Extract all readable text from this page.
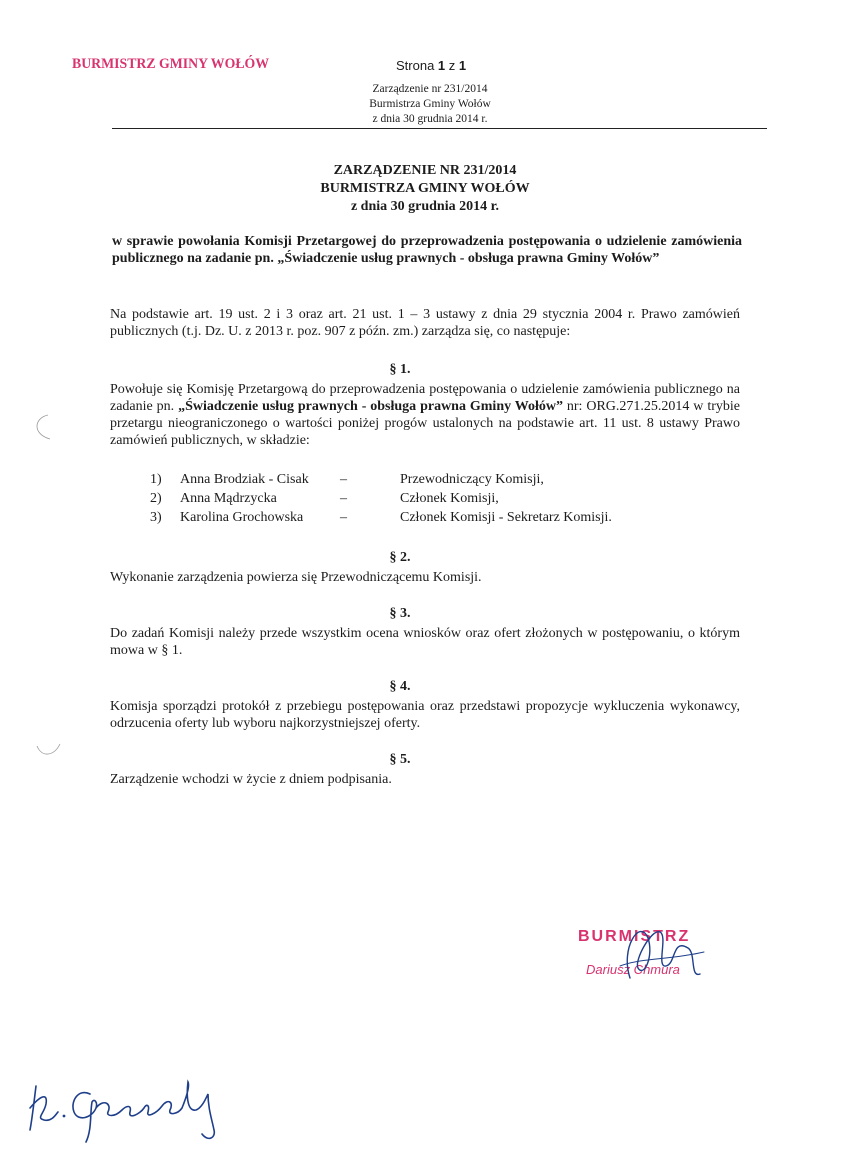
BURMISTRZ GMINY WOŁÓW	Strona 1 z 1
Zarządzenie nr 231/2014
Burmistrza Gminy Wołów
z dnia 30 grudnia 2014 r.
ZARZĄDZENIE NR 231/2014
BURMISTRZA GMINY WOŁÓW
z dnia 30 grudnia 2014 r.
w sprawie powołania Komisji Przetargowej do przeprowadzenia postępowania o udzielenie zamówienia publicznego na zadanie pn. „Świadczenie usług prawnych - obsługa prawna Gminy Wołów”
Na podstawie art. 19 ust. 2 i 3 oraz art. 21 ust. 1 – 3 ustawy z dnia 29 stycznia 2004 r. Prawo zamówień publicznych (t.j. Dz. U. z 2013 r. poz. 907 z późn. zm.) zarządza się, co następuje:
§ 1.
Powołuje się Komisję Przetargową do przeprowadzenia postępowania o udzielenie zamówienia publicznego na zadanie pn. „Świadczenie usług prawnych - obsługa prawna Gminy Wołów” nr: ORG.271.25.2014 w trybie przetargu nieograniczonego o wartości poniżej progów ustalonych na podstawie art. 11 ust. 8 ustawy Prawo zamówień publicznych, w składzie:
1)	Anna Brodziak - Cisak –	Przewodniczący Komisji,
2)	Anna Mądrzycka	–	Członek Komisji,
3)	Karolina Grochowska	–	Członek Komisji - Sekretarz Komisji.
§ 2.
Wykonanie zarządzenia powierza się Przewodniczącemu Komisji.
§ 3.
Do zadań Komisji należy przede wszystkim ocena wniosków oraz ofert złożonych w postępowaniu, o którym mowa w § 1.
§ 4.
Komisja sporządzi protokół z przebiegu postępowania oraz przedstawi propozycje wykluczenia wykonawcy, odrzucenia oferty lub wyboru najkorzystniejszej oferty.
§ 5.
Zarządzenie wchodzi w życie z dniem podpisania.
BURMISTRZ
Dariusz Chmura
